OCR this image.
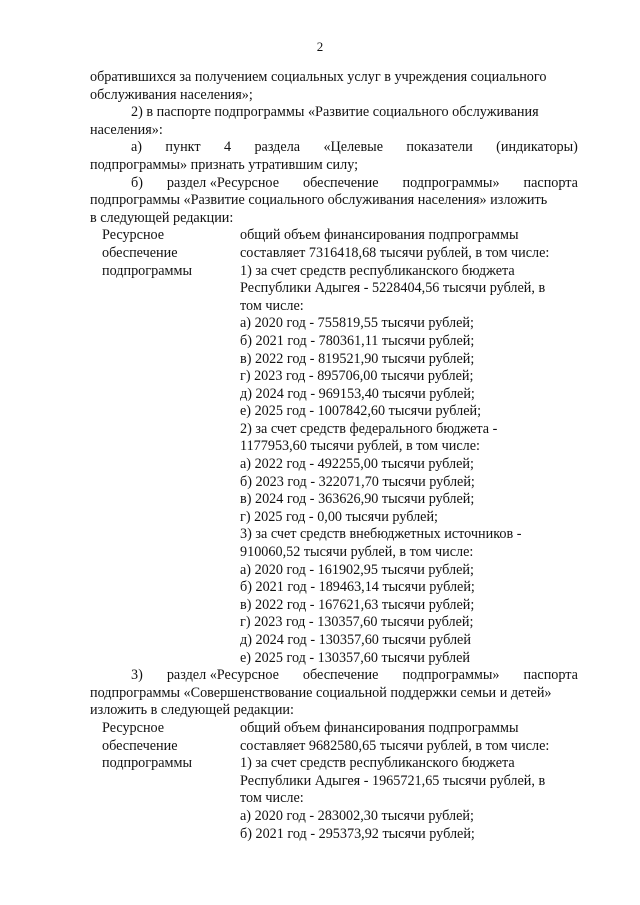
2
обратившихся за получением социальных услуг в учреждения социального
обслуживания населения»;
2) в паспорте подпрограммы «Развитие социального обслуживания
населения»:
а) пункт 4 раздела «Целевые показатели (индикаторы)
подпрограммы» признать утратившим силу;
б) раздел «Ресурсное обеспечение подпрограммы» паспорта
подпрограммы «Развитие социального обслуживания населения» изложить
в следующей редакции:
Ресурсное
обеспечение
подпрограммы
общий объем финансирования подпрограммы
составляет 7316418,68 тысячи рублей, в том числе:
1) за счет средств республиканского бюджета
Республики Адыгея - 5228404,56 тысячи рублей, в
том числе:
а) 2020 год - 755819,55 тысячи рублей;
б) 2021 год - 780361,11 тысячи рублей;
в) 2022 год - 819521,90 тысячи рублей;
г) 2023 год - 895706,00 тысячи рублей;
д) 2024 год - 969153,40 тысячи рублей;
е) 2025 год - 1007842,60 тысячи рублей;
2) за счет средств федерального бюджета -
1177953,60 тысячи рублей, в том числе:
а) 2022 год - 492255,00 тысячи рублей;
б) 2023 год - 322071,70 тысячи рублей;
в) 2024 год - 363626,90 тысячи рублей;
г) 2025 год - 0,00 тысячи рублей;
3) за счет средств внебюджетных источников -
910060,52 тысячи рублей, в том числе:
а) 2020 год - 161902,95 тысячи рублей;
б) 2021 год - 189463,14 тысячи рублей;
в) 2022 год - 167621,63 тысячи рублей;
г) 2023 год - 130357,60 тысячи рублей;
д) 2024 год - 130357,60 тысячи рублей
е) 2025 год - 130357,60 тысячи рублей
3) раздел «Ресурсное обеспечение подпрограммы» паспорта
подпрограммы «Совершенствование социальной поддержки семьи и детей»
изложить в следующей редакции:
Ресурсное
обеспечение
подпрограммы
общий объем финансирования подпрограммы
составляет 9682580,65 тысячи рублей, в том числе:
1) за счет средств республиканского бюджета
Республики Адыгея - 1965721,65 тысячи рублей, в
том числе:
а) 2020 год - 283002,30 тысячи рублей;
б) 2021 год - 295373,92 тысячи рублей;
